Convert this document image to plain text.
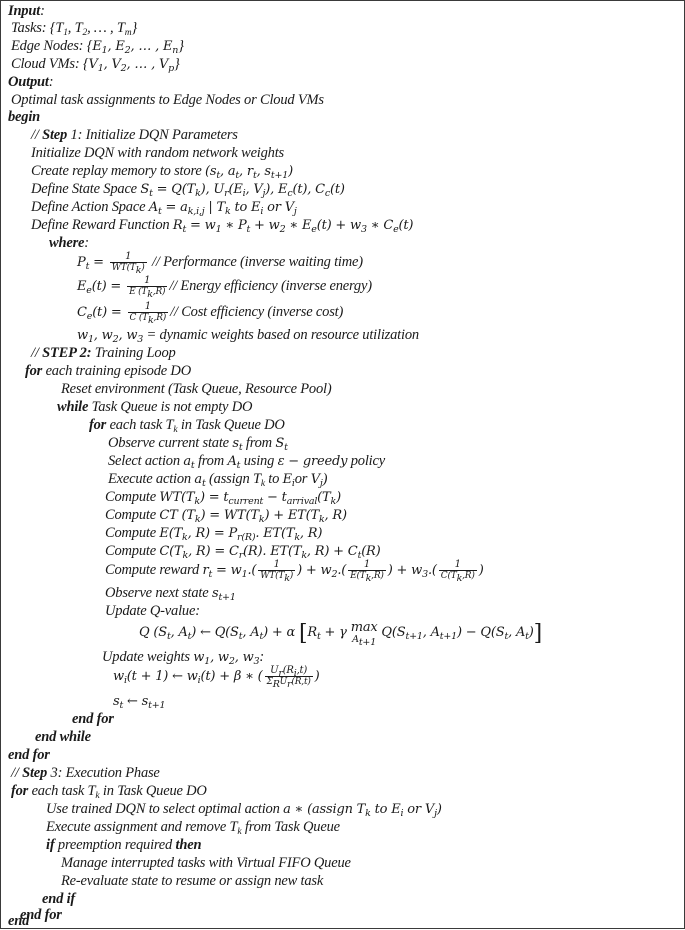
Input:
Tasks: {$T_1$, $T_2$, … , $T_m$}
Edge Nodes: {$E_1$, $E_2$, … , $E_n$}
Cloud VMs: {$V_1$, $V_2$, … , $V_p$}
Output:
Optimal task assignments to Edge Nodes or Cloud VMs
begin
// Step 1: Initialize DQN Parameters
Initialize DQN with random network weights
Create replay memory to store ($s_t$, $a_t$, $r_t$, $s_{t+1}$)
Define State Space $S_t = Q(T_k)$, $U_r(E_i$, $V_j$), $E_c(t)$, $C_c(t)$
Define Action Space $A_t = a_{k,i,j}$ | $T_k$ to $E_i$ or $V_j$
Define Reward Function $R_t = w_1$ ∗ $P_t + w_2$ ∗ $E_e(t) + w_3$ ∗ $C_e(t)$
where:
$P_t = \frac{1}{WT(T_k)}$ // Performance (inverse waiting time)
$E_e(t) = \frac{1}{E (T_k,R)}$ // Energy efficiency (inverse energy)
$C_e(t) = \frac{1}{C (T_k,R)}$ // Cost efficiency (inverse cost)
$w_1$, $w_2$, $w_3$ = dynamic weights based on resource utilization
// STEP 2: Training Loop
for each training episode DO
Reset environment (Task Queue, Resource Pool)
while Task Queue is not empty DO
for each task $T_k$ in Task Queue DO
Observe current state $s_t$ from $S_t$
Select action $a_t$ from $A_t$ using ε − greedy policy
Execute action $a_t$ (assign $T_k$ to $E_ior$ $V_j$)
Compute $WT(T_k) = t_{current} - t_{arrival}(T_k)$
Compute CT $(T_k) = WT(T_k) + ET(T_k$, R)
Compute $E(T_k$, $R) = P_{r(R)}$. $ET(T_k$, R)
Compute $C(T_k$, $R) = C_r(R)$. $ET(T_k$, $R) + C_t(R)$
Compute reward $r_t = w_1.( \frac{1}{WT(T_k)}$ ) + $w_2.( \frac{1}{E(T_k,R)}$ ) + $w_3.( \frac{1}{C(T_k,R)}$ )
Observe next state $s_{t+1}$
Update Q-value:
Q ($S_t$, $A_t$) ← $Q(S_t$, $A_t) + \alpha$ [$R_t + \gamma$ max
$A_{t+1}$
$Q(S_{t+1}$, $A_{t+1}) - Q(S_t$, $A_t$)]
Update weights $w_1$, $w_2$, $w_3$:
$w_i(t + 1)$ ← $w_i(t) + \beta$ ∗ ( $\frac{U_r(R_i,t)}{\Sigma_RU_r(R,t)}$ )
$s_t$ ← $s_{t+1}$
end for
end while
end for
// Step 3: Execution Phase
for each task $T_k$ in Task Queue DO
Use trained DQN to select optimal action a ∗ (assign $T_k$ to $E_i$ or $V_j$)
Execute assignment and remove $T_k$ from Task Queue
if preemption required then
Manage interrupted tasks with Virtual FIFO Queue
Re-evaluate state to resume or assign new task
end if
end for
end
